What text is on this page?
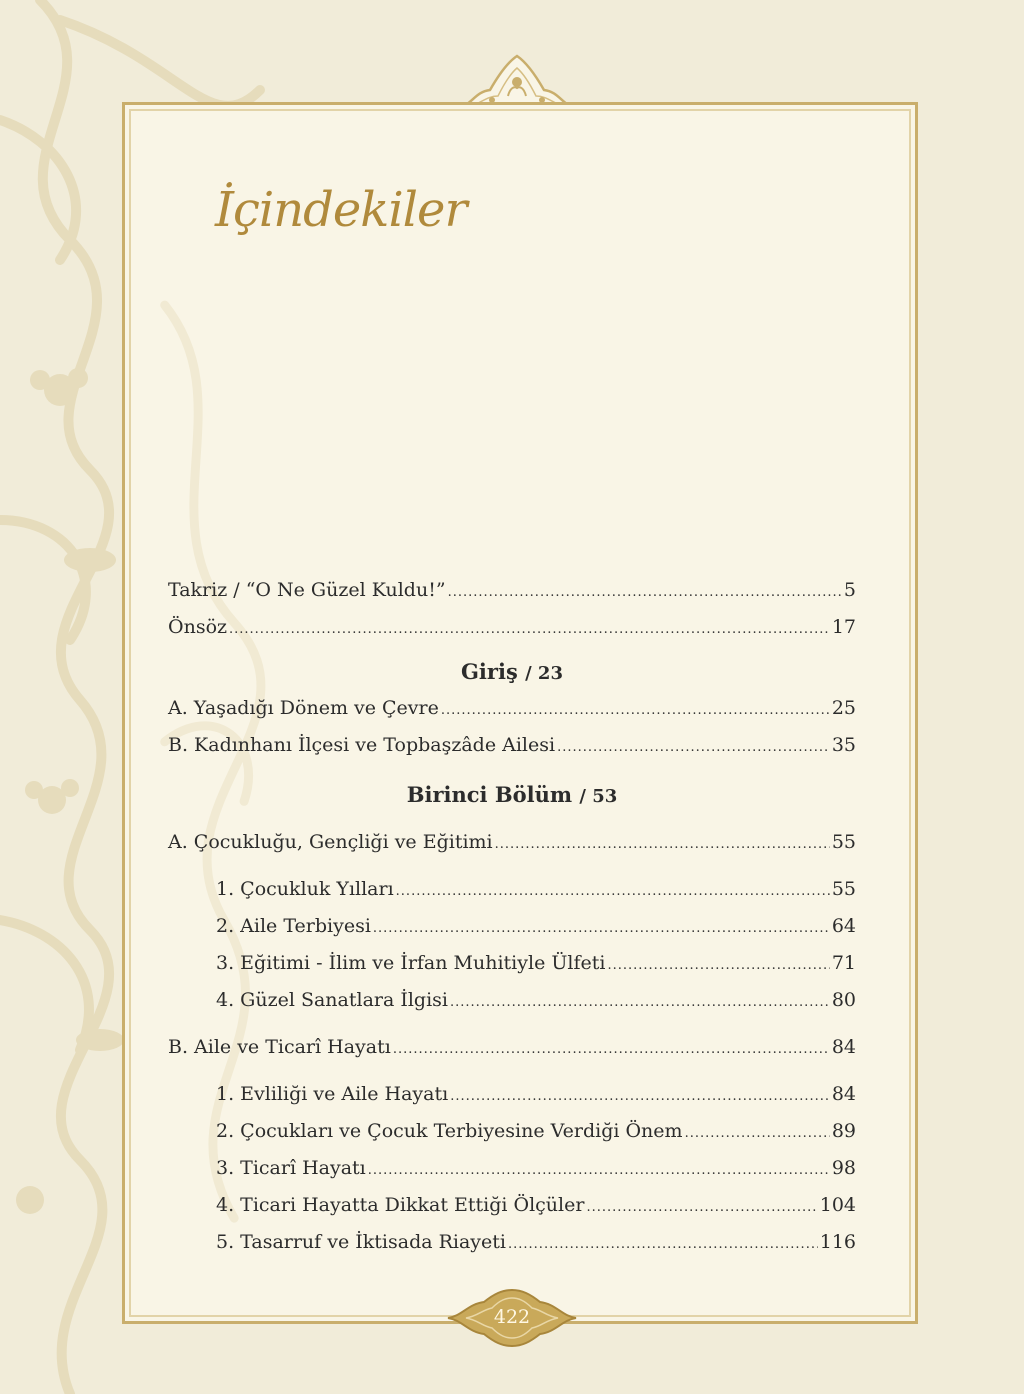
İçindekiler
Takriz / “O Ne Güzel Kuldu!” .....	5
Önsöz .....	17
Giriş / 23
A. Yaşadığı Dönem ve Çevre .....	25
B. Kadınhanı İlçesi ve Topbaşzâde Ailesi .....	35
Birinci Bölüm / 53
A. Çocukluğu, Gençliği ve Eğitimi .....	55
1. Çocukluk Yılları .....	55
2. Aile Terbiyesi .....	64
3. Eğitimi - İlim ve İrfan Muhitiyle Ülfeti .....	71
4. Güzel Sanatlara İlgisi .....	80
B. Aile ve Ticarî Hayatı .....	84
1. Evliliği ve Aile Hayatı .....	84
2. Çocukları ve Çocuk Terbiyesine Verdiği Önem .....	89
3. Ticarî Hayatı .....	98
4. Ticari Hayatta Dikkat Ettiği Ölçüler .....	104
5. Tasarruf ve İktisada Riayeti .....	116
422
